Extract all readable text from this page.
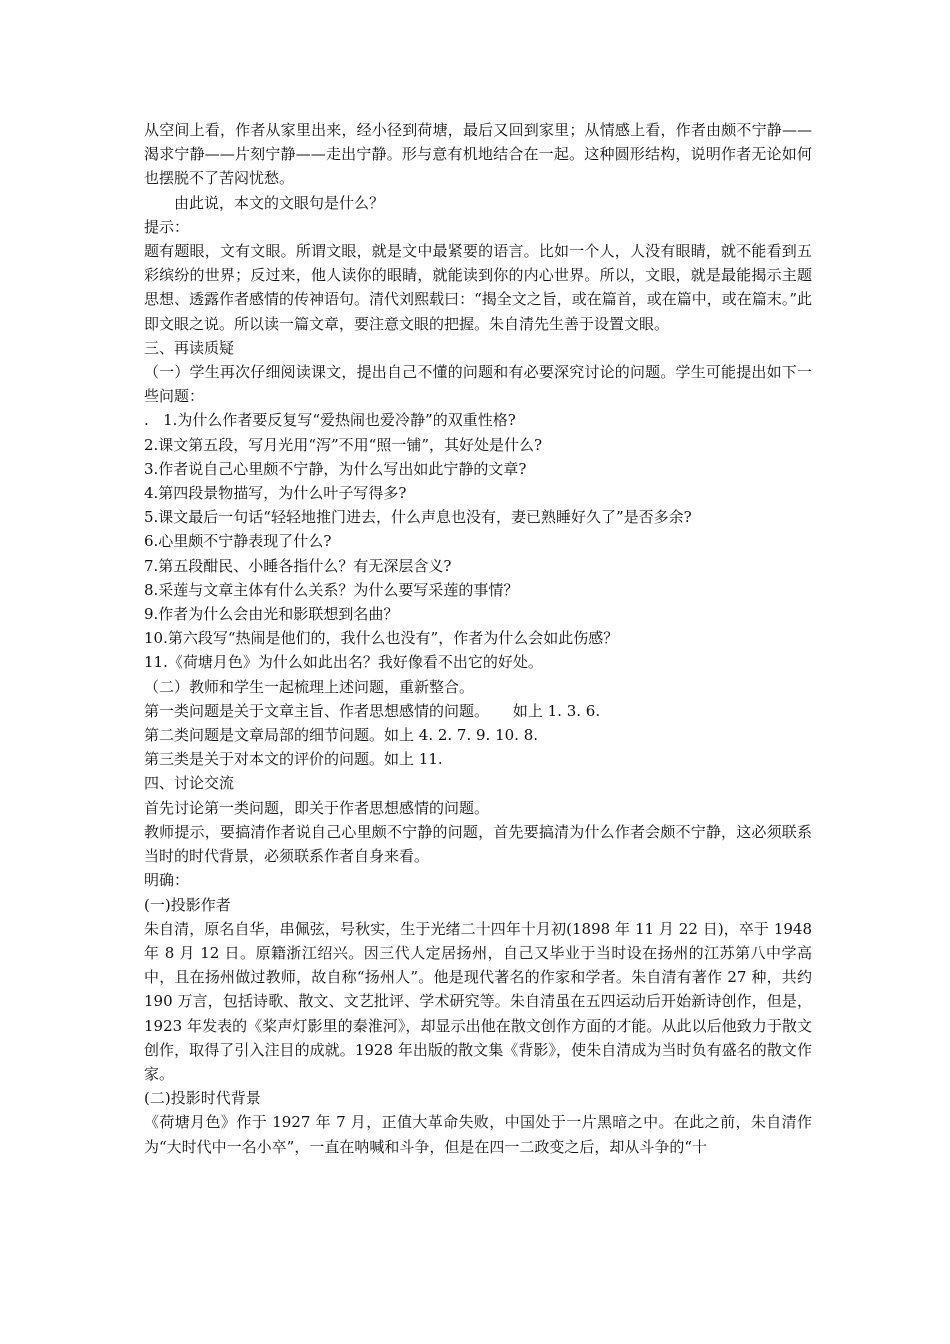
从空间上看，作者从家里出来，经小径到荷塘，最后又回到家里；从情感上看，作者由颇不宁静——渴求宁静——片刻宁静——走出宁静。形与意有机地结合在一起。这种圆形结构，说明作者无论如何也摆脱不了苦闷忧愁。

由此说，本文的文眼句是什么？

提示：

题有题眼，文有文眼。所谓文眼，就是文中最紧要的语言。比如一个人，人没有眼睛，就不能看到五彩缤纷的世界；反过来，他人读你的眼睛，就能读到你的内心世界。所以，文眼，就是最能揭示主题思想、透露作者感情的传神语句。清代刘熙载曰：“揭全文之旨，或在篇首，或在篇中，或在篇末。”此即文眼之说。所以读一篇文章，要注意文眼的把握。朱自清先生善于设置文眼。

三、再读质疑

（一）学生再次仔细阅读课文，提出自己不懂的问题和有必要深究讨论的问题。学生可能提出如下一些问题：

.   1.为什么作者要反复写“爱热闹也爱冷静”的双重性格?

2.课文第五段，写月光用“泻”不用“照一铺”，其好处是什么?

3.作者说自己心里颇不宁静，为什么写出如此宁静的文章?

4.第四段景物描写，为什么叶子写得多?

5.课文最后一句话“轻轻地推门进去，什么声息也没有，妻已熟睡好久了”是否多余?

6.心里颇不宁静表现了什么?

7.第五段酣民、小睡各指什么？有无深层含义?

8.采莲与文章主体有什么关系？为什么要写采莲的事情？

9.作者为什么会由光和影联想到名曲？

10.第六段写“热闹是他们的，我什么也没有”，作者为什么会如此伤感？

11.《荷塘月色》为什么如此出名？我好像看不出它的好处。

（二）教师和学生一起梳理上述问题，重新整合。

第一类问题是关于文章主旨、作者思想感情的问题。     如上 1. 3. 6.

第二类问题是文章局部的细节问题。如上 4. 2. 7. 9. 10. 8.

第三类是关于对本文的评价的问题。如上 11.

四、讨论交流

首先讨论第一类问题，即关于作者思想感情的问题。

教师提示，要搞清作者说自己心里颇不宁静的问题，首先要搞清为什么作者会颇不宁静，这必须联系当时的时代背景，必须联系作者自身来看。

明确：

(一)投影作者

朱自清，原名自华，串佩弦，号秋实，生于光绪二十四年十月初(1898 年 11 月 22 日)，卒于 1948 年 8 月 12 日。原籍浙江绍兴。因三代人定居扬州，自己又毕业于当时设在扬州的江苏第八中学高中，且在扬州做过教师，故自称“扬州人”。他是现代著名的作家和学者。朱自清有著作 27 种，共约 190 万言，包括诗歌、散文、文艺批评、学术研究等。朱自清虽在五四运动后开始新诗创作，但是，1923 年发表的《桨声灯影里的秦淮河》，却显示出他在散文创作方面的才能。从此以后他致力于散文创作，取得了引入注目的成就。1928 年出版的散文集《背影》，使朱自清成为当时负有盛名的散文作家。

(二)投影时代背景

《荷塘月色》作于 1927 年 7 月，正值大革命失败，中国处于一片黑暗之中。在此之前，朱自清作为“大时代中一名小卒”，一直在呐喊和斗争，但是在四一二政变之后，却从斗争的“十
